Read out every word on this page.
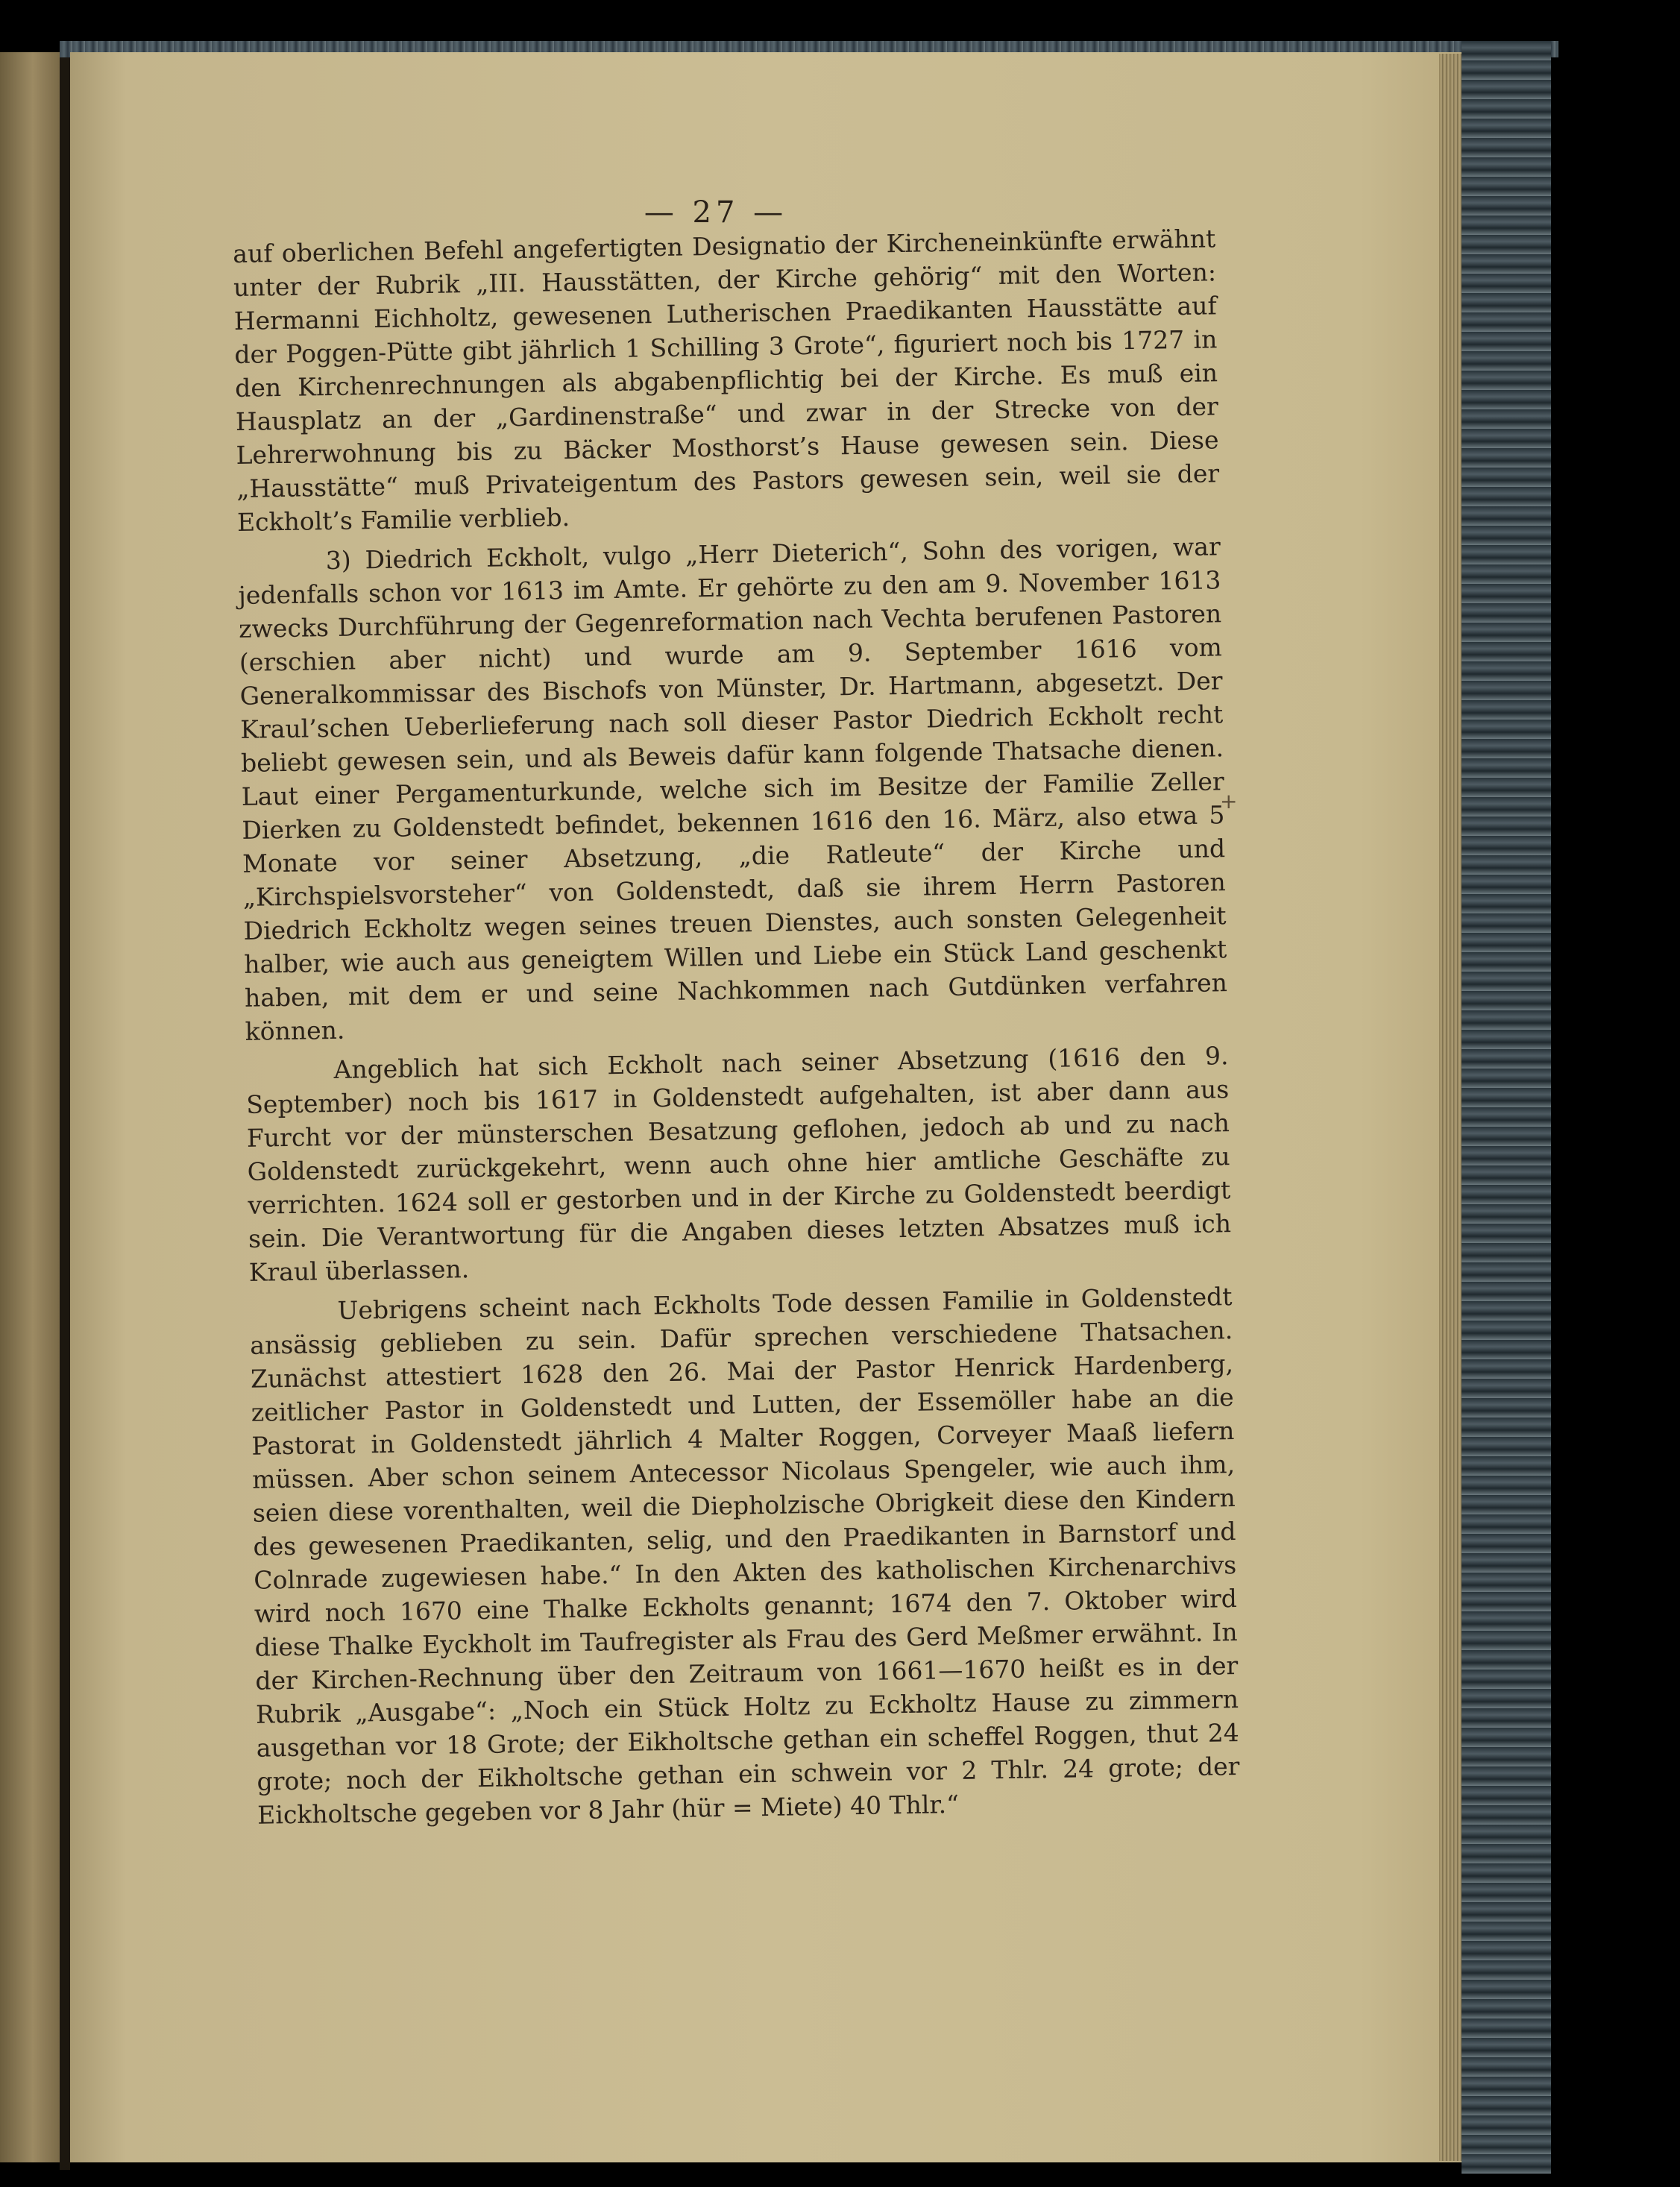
— 27 —

auf oberlichen Befehl angefertigten Designatio der Kircheneinkünfte erwähnt unter der Rubrik „III. Hausstätten, der Kirche gehörig“ mit den Worten: Hermanni Eichholtz, gewesenen Lutherischen Praedikanten Hausstätte auf der Poggen-Pütte gibt jährlich 1 Schilling 3 Grote“, figuriert noch bis 1727 in den Kirchenrechnungen als abgabenpflichtig bei der Kirche. Es muß ein Hausplatz an der „Gardinenstraße“ und zwar in der Strecke von der Lehrerwohnung bis zu Bäcker Mosthorst’s Hause gewesen sein. Diese „Hausstätte“ muß Privateigentum des Pastors gewesen sein, weil sie der Eckholt’s Familie verblieb.

3) Diedrich Eckholt, vulgo „Herr Dieterich“, Sohn des vorigen, war jedenfalls schon vor 1613 im Amte. Er gehörte zu den am 9. November 1613 zwecks Durchführung der Gegenreformation nach Vechta berufenen Pastoren (erschien aber nicht) und wurde am 9. September 1616 vom Generalkommissar des Bischofs von Münster, Dr. Hartmann, abgesetzt. Der Kraul’schen Ueberlieferung nach soll dieser Pastor Diedrich Eckholt recht beliebt gewesen sein, und als Beweis dafür kann folgende Thatsache dienen. Laut einer Pergamenturkunde, welche sich im Besitze der Familie Zeller Dierken zu Goldenstedt befindet, bekennen 1616 den 16. März, also etwa 5 Monate vor seiner Absetzung, „die Ratleute“ der Kirche und „Kirchspielsvorsteher“ von Goldenstedt, daß sie ihrem Herrn Pastoren Diedrich Eckholtz wegen seines treuen Dienstes, auch sonsten Gelegenheit halber, wie auch aus geneigtem Willen und Liebe ein Stück Land geschenkt haben, mit dem er und seine Nachkommen nach Gutdünken verfahren können.

Angeblich hat sich Eckholt nach seiner Absetzung (1616 den 9. September) noch bis 1617 in Goldenstedt aufgehalten, ist aber dann aus Furcht vor der münsterschen Besatzung geflohen, jedoch ab und zu nach Goldenstedt zurückgekehrt, wenn auch ohne hier amtliche Geschäfte zu verrichten. 1624 soll er gestorben und in der Kirche zu Goldenstedt beerdigt sein. Die Verantwortung für die Angaben dieses letzten Absatzes muß ich Kraul überlassen.

Uebrigens scheint nach Eckholts Tode dessen Familie in Goldenstedt ansässig geblieben zu sein. Dafür sprechen verschiedene Thatsachen. Zunächst attestiert 1628 den 26. Mai der Pastor Henrick Hardenberg, zeitlicher Pastor in Goldenstedt und Lutten, der Essemöller habe an die Pastorat in Goldenstedt jährlich 4 Malter Roggen, Corveyer Maaß liefern müssen. Aber schon seinem Antecessor Nicolaus Spengeler, wie auch ihm, seien diese vorenthalten, weil die Diepholzische Obrigkeit diese den Kindern des gewesenen Praedikanten, selig, und den Praedikanten in Barnstorf und Colnrade zugewiesen habe.“ In den Akten des katholischen Kirchenarchivs wird noch 1670 eine Thalke Eckholts genannt; 1674 den 7. Oktober wird diese Thalke Eyckholt im Taufregister als Frau des Gerd Meßmer erwähnt. In der Kirchen-Rechnung über den Zeitraum von 1661—1670 heißt es in der Rubrik „Ausgabe“: „Noch ein Stück Holtz zu Eckholtz Hause zu zimmern ausgethan vor 18 Grote; der Eikholtsche gethan ein scheffel Roggen, thut 24 grote; noch der Eikholtsche gethan ein schwein vor 2 Thlr. 24 grote; der Eickholtsche gegeben vor 8 Jahr (hür = Miete) 40 Thlr.“

+
